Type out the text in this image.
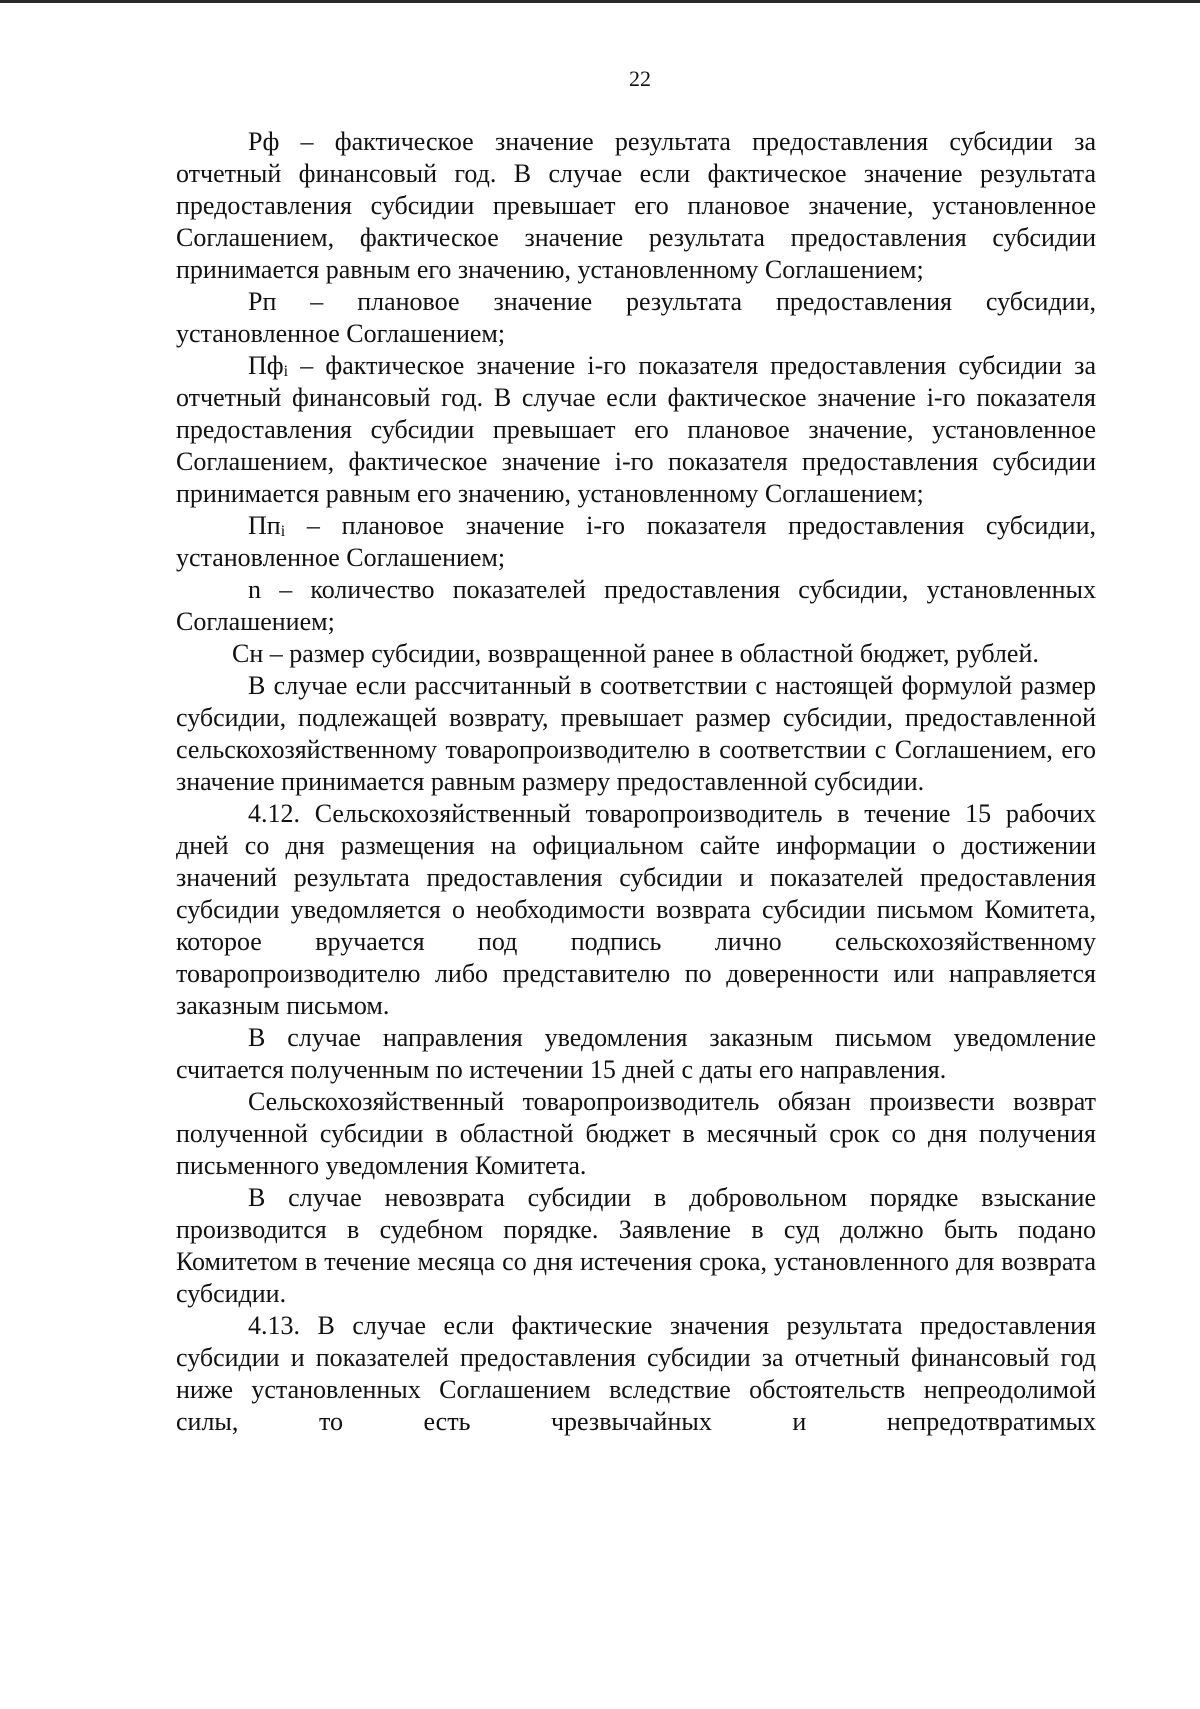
22

Рф – фактическое значение результата предоставления субсидии за отчетный финансовый год. В случае если фактическое значение результата предоставления субсидии превышает его плановое значение, установленное Соглашением, фактическое значение результата предоставления субсидии принимается равным его значению, установленному Соглашением;

Рп – плановое значение результата предоставления субсидии, установленное Соглашением;

$Пф_i$ – фактическое значение i-го показателя предоставления субсидии за отчетный финансовый год. В случае если фактическое значение i-го показателя предоставления субсидии превышает его плановое значение, установленное Соглашением, фактическое значение i-го показателя предоставления субсидии принимается равным его значению, установленному Соглашением;

$Пп_i$ – плановое значение i-го показателя предоставления субсидии, установленное Соглашением;

n – количество показателей предоставления субсидии, установленных Соглашением;

Сн – размер субсидии, возвращенной ранее в областной бюджет, рублей.

В случае если рассчитанный в соответствии с настоящей формулой размер субсидии, подлежащей возврату, превышает размер субсидии, предоставленной сельскохозяйственному товаропроизводителю в соответствии с Соглашением, его значение принимается равным размеру предоставленной субсидии.

4.12. Сельскохозяйственный товаропроизводитель в течение 15 рабочих дней со дня размещения на официальном сайте информации о достижении значений результата предоставления субсидии и показателей предоставления субсидии уведомляется о необходимости возврата субсидии письмом Комитета, которое вручается под подпись лично сельскохозяйственному товаропроизводителю либо представителю по доверенности или направляется заказным письмом.

В случае направления уведомления заказным письмом уведомление считается полученным по истечении 15 дней с даты его направления.

Сельскохозяйственный товаропроизводитель обязан произвести возврат полученной субсидии в областной бюджет в месячный срок со дня получения письменного уведомления Комитета.

В случае невозврата субсидии в добровольном порядке взыскание производится в судебном порядке. Заявление в суд должно быть подано Комитетом в течение месяца со дня истечения срока, установленного для возврата субсидии.

4.13. В случае если фактические значения результата предоставления субсидии и показателей предоставления субсидии за отчетный финансовый год ниже установленных Соглашением вследствие обстоятельств непреодолимой силы, то есть чрезвычайных и непредотвратимых
